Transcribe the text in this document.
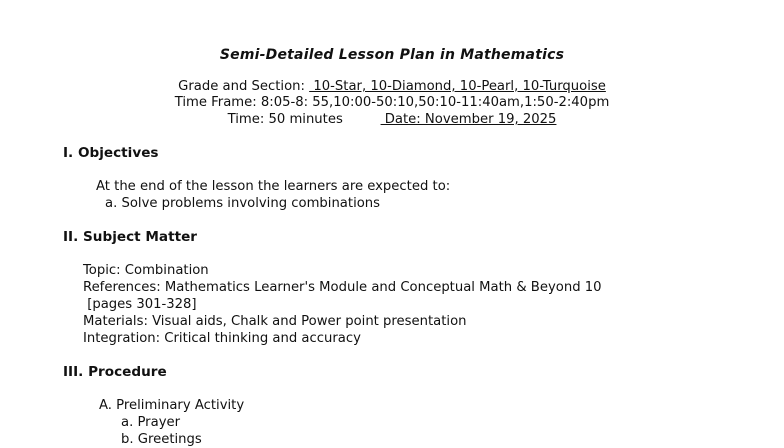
Semi-Detailed Lesson Plan in Mathematics
Grade and Section:  10-Star, 10-Diamond, 10-Pearl, 10-Turquoise
Time Frame: 8:05-8: 55,10:00-50:10,50:10-11:40am,1:50-2:40pm
Time: 50 minutes	Date: November 19, 2025
I. Objectives
At the end of the lesson the learners are expected to:
a. Solve problems involving combinations
II. Subject Matter
Topic: Combination
References: Mathematics Learner's Module and Conceptual Math & Beyond 10
[pages 301-328]
Materials: Visual aids, Chalk and Power point presentation
Integration: Critical thinking and accuracy
III. Procedure
A. Preliminary Activity
a. Prayer
b. Greetings
